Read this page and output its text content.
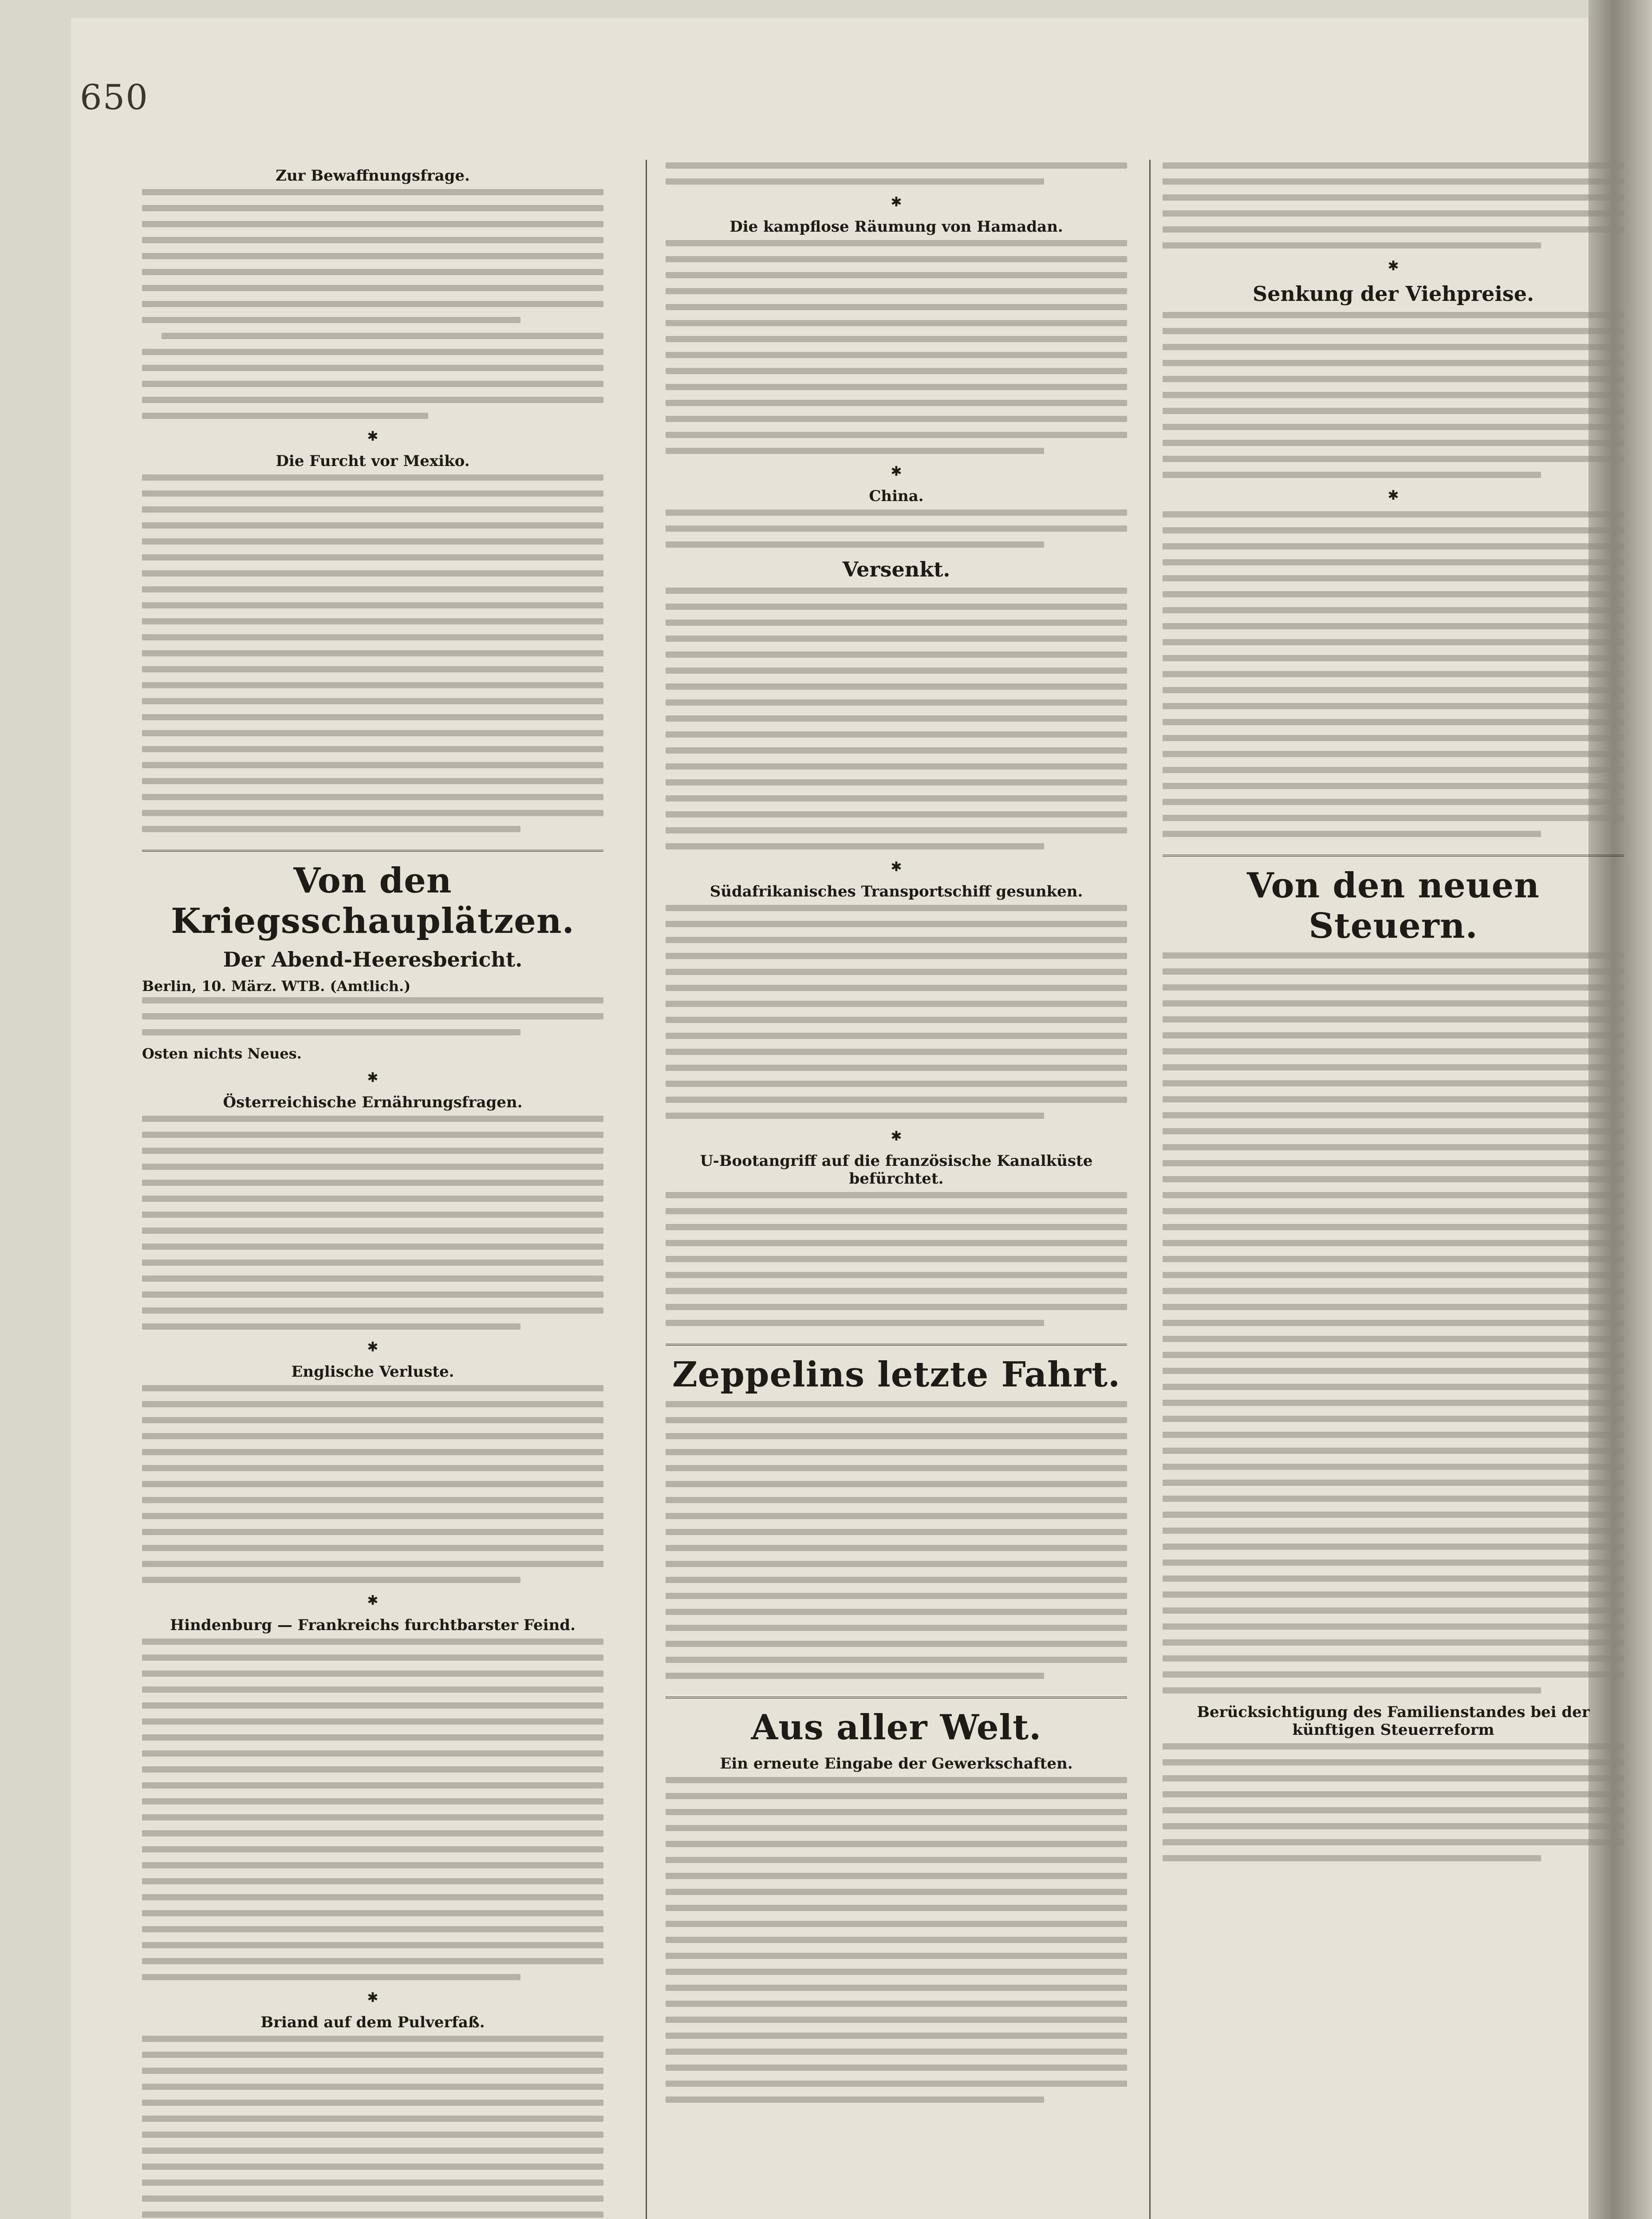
650
Zur Bewaffnungsfrage.
✱
Die Furcht vor Mexiko.
Von den Kriegsschauplätzen.
Der Abend-Heeresbericht.
Berlin, 10. März. WTB. (Amtlich.)
Osten nichts Neues.
✱
Österreichische Ernährungsfragen.
✱
Englische Verluste.
✱
Hindenburg — Frankreichs furchtbarster Feind.
✱
Briand auf dem Pulverfaß.
✱
Die kampflose Räumung von Hamadan.
✱
China.
Versenkt.
✱
Südafrikanisches Transportschiff gesunken.
✱
U-Bootangriff auf die französische Kanalküste befürchtet.
Zeppelins letzte Fahrt.
Aus aller Welt.
Ein erneute Eingabe der Gewerkschaften.
✱
Senkung der Viehpreise.
✱
Von den neuen Steuern.
Berücksichtigung des Familienstandes bei der künftigen Steuerreform
